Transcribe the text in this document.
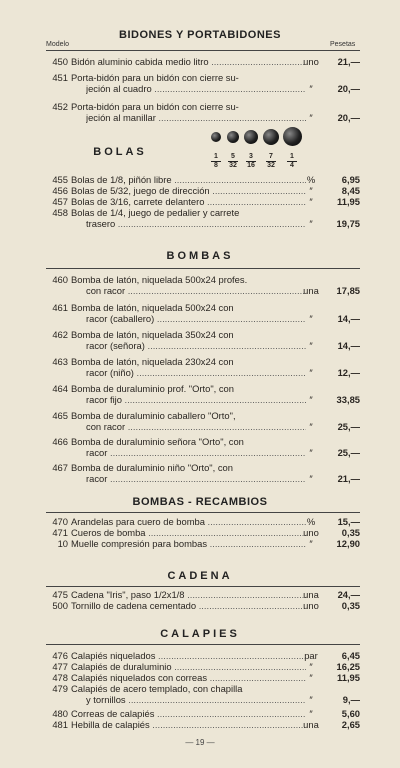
BIDONES Y PORTABIDONES
Modelo	Pesetas
450 Bidón aluminio cabida medio litro .....	uno	21,—
451 Porta-bidón para un bidón con cierre su-
jeción al cuadro .....	″	20,—
452 Porta-bidón para un bidón con cierre su-
jeción al manillar .....	″	20,—
BOLAS	1
8
5
32
3
16
7
32
1
4
455 Bolas de 1/8, piñón libre .....	%	6,95
456 Bolas de 5/32, juego de dirección .....	″	8,45
457 Bolas de 3/16, carrete delantero .....	″	11,95
458 Bolas de 1/4, juego de pedalier y carrete
trasero .....	″	19,75
BOMBAS
460 Bomba de latón, niquelada 500x24 profes.
con racor .....	una	17,85
461 Bomba de latón, niquelada 500x24 con
racor (caballero) .....	″	14,—
462 Bomba de latón, niquelada 350x24 con
racor (señora) .....	″	14,—
463 Bomba de latón, niquelada 230x24 con
racor (niño) .....	″	12,—
464 Bomba de duraluminio prof. "Orto", con
racor fijo .....	″	33,85
465 Bomba de duraluminio caballero "Orto",
con racor .....	″	25,—
466 Bomba de duraluminio señora "Orto", con
racor .....	″	25,—
467 Bomba de duraluminio niño "Orto", con
racor .....	″	21,—
BOMBAS - RECAMBIOS
470 Arandelas para cuero de bomba .....	%	15,—
471 Cueros de bomba .....	uno	0,35
10 Muelle compresión para bombas .....	″	12,90
CADENA
475 Cadena "Iris", paso 1/2x1/8 .....	una	24,—
500 Tornillo de cadena cementado .....	uno	0,35
CALAPIES
476 Calapiés niquelados .....	par	6,45
477 Calapiés de duraluminio .....	″	16,25
478 Calapiés niquelados con correas .....	″	11,95
479 Calapiés de acero templado, con chapilla
y tornillos .....	″	9,—
480 Correas de calapiés .....	″	5,60
481 Hebilla de calapiés .....	una	2,65
— 19 —
